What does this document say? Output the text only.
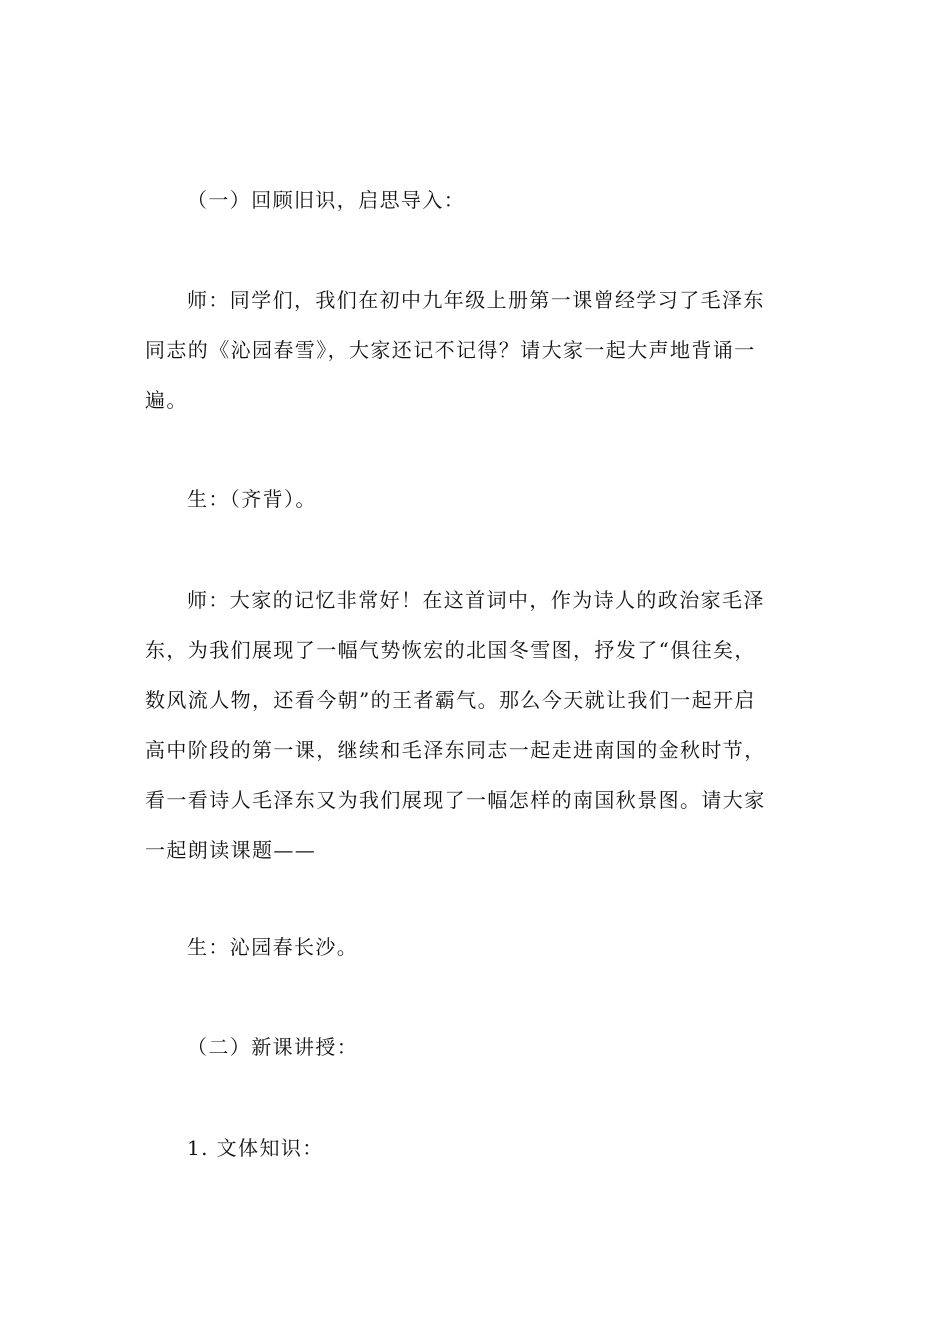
（一）回顾旧识，启思导入：
师：同学们，我们在初中九年级上册第一课曾经学习了毛泽东
同志的《沁园春雪》，大家还记不记得？请大家一起大声地背诵一
遍。
生：（齐背）。
师：大家的记忆非常好！在这首词中，作为诗人的政治家毛泽
东，为我们展现了一幅气势恢宏的北国冬雪图，抒发了“俱往矣，
数风流人物，还看今朝”的王者霸气。那么今天就让我们一起开启
高中阶段的第一课，继续和毛泽东同志一起走进南国的金秋时节，
看一看诗人毛泽东又为我们展现了一幅怎样的南国秋景图。请大家
一起朗读课题——
生：沁园春长沙。
（二）新课讲授：
1. 文体知识：
